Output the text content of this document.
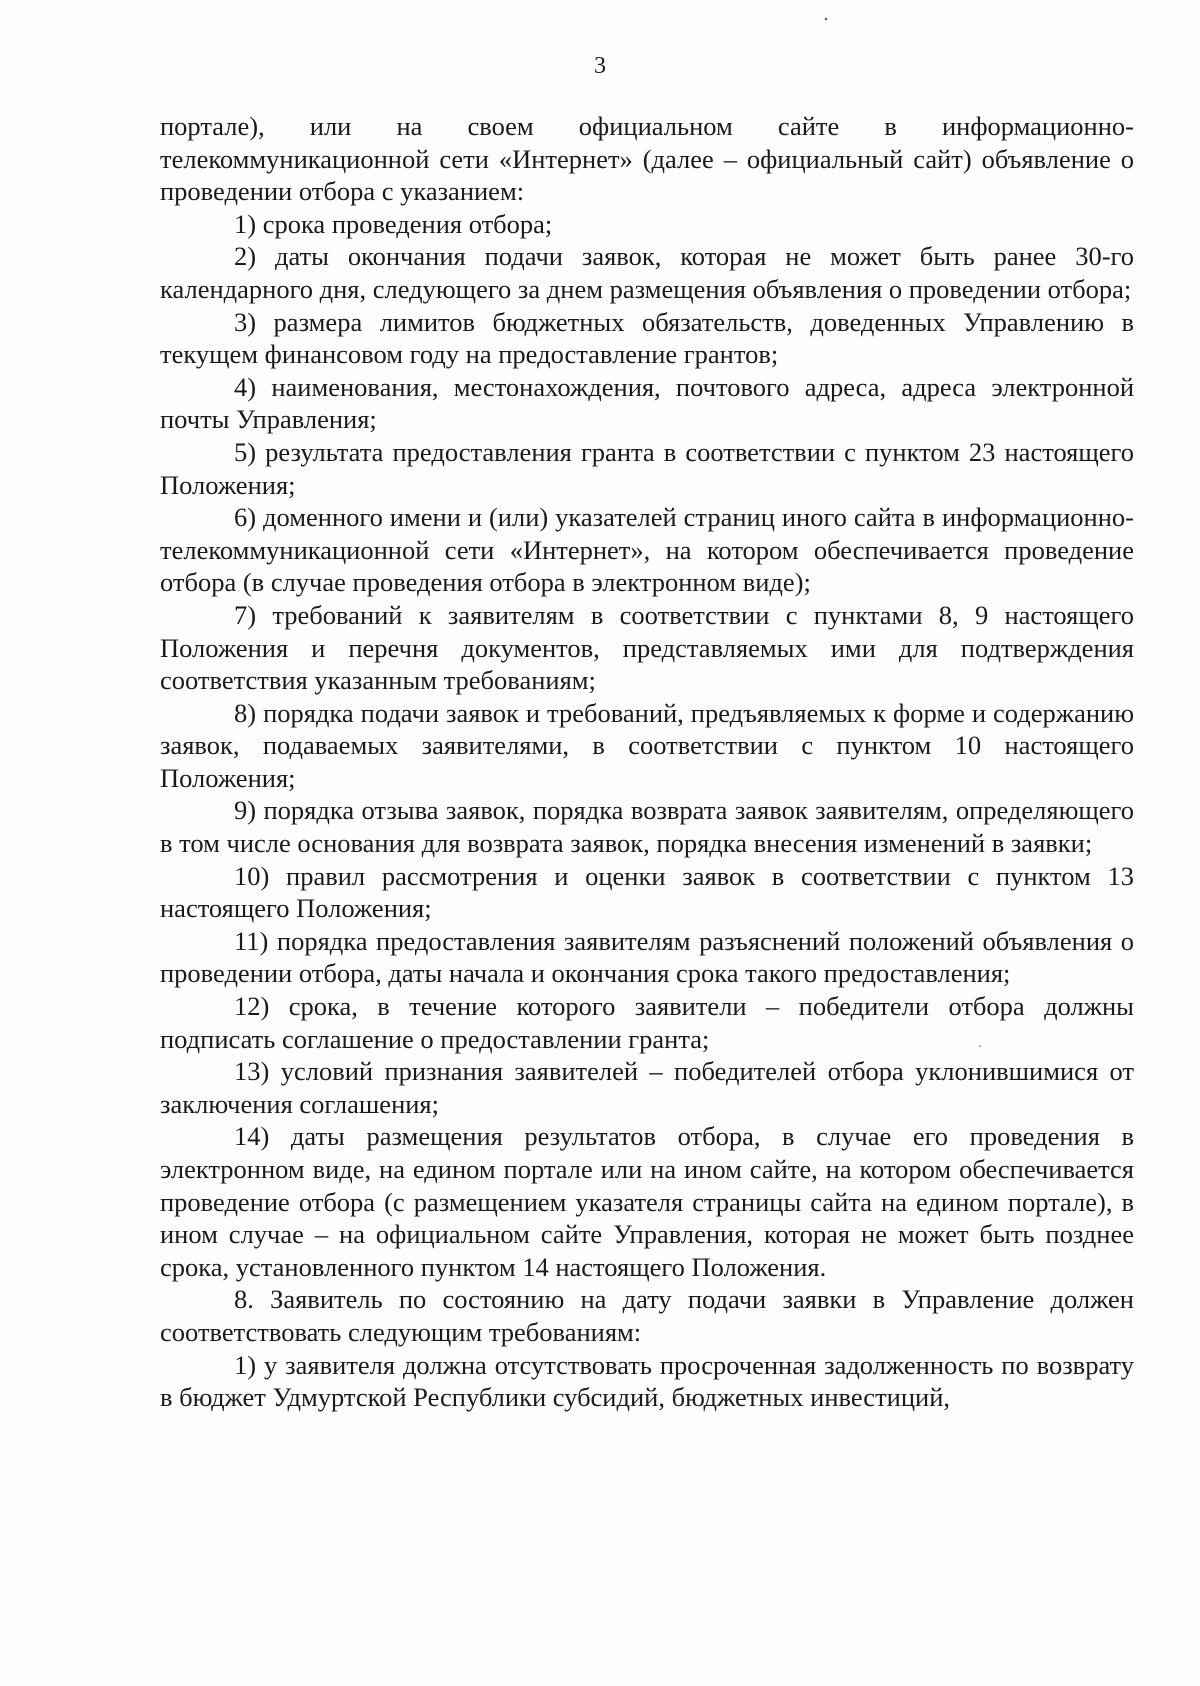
3

портале), или на своем официальном сайте в информационно-телекоммуникационной сети «Интернет» (далее – официальный сайт) объявление о проведении отбора с указанием:

1) срока проведения отбора;

2) даты окончания подачи заявок, которая не может быть ранее 30-го календарного дня, следующего за днем размещения объявления о проведении отбора;

3) размера лимитов бюджетных обязательств, доведенных Управлению в текущем финансовом году на предоставление грантов;

4) наименования, местонахождения, почтового адреса, адреса электронной почты Управления;

5) результата предоставления гранта в соответствии с пунктом 23 настоящего Положения;

6) доменного имени и (или) указателей страниц иного сайта в информационно-телекоммуникационной сети «Интернет», на котором обеспечивается проведение отбора (в случае проведения отбора в электронном виде);

7) требований к заявителям в соответствии с пунктами 8, 9 настоящего Положения и перечня документов, представляемых ими для подтверждения соответствия указанным требованиям;

8) порядка подачи заявок и требований, предъявляемых к форме и содержанию заявок, подаваемых заявителями, в соответствии с пунктом 10 настоящего Положения;

9) порядка отзыва заявок, порядка возврата заявок заявителям, определяющего в том числе основания для возврата заявок, порядка внесения изменений в заявки;

10) правил рассмотрения и оценки заявок в соответствии с пунктом 13 настоящего Положения;

11) порядка предоставления заявителям разъяснений положений объявления о проведении отбора, даты начала и окончания срока такого предоставления;

12) срока, в течение которого заявители – победители отбора должны подписать соглашение о предоставлении гранта;

13) условий признания заявителей – победителей отбора уклонившимися от заключения соглашения;

14) даты размещения результатов отбора, в случае его проведения в электронном виде, на едином портале или на ином сайте, на котором обеспечивается проведение отбора (с размещением указателя страницы сайта на едином портале), в ином случае – на официальном сайте Управления, которая не может быть позднее срока, установленного пунктом 14 настоящего Положения.

8. Заявитель по состоянию на дату подачи заявки в Управление должен соответствовать следующим требованиям:

1) у заявителя должна отсутствовать просроченная задолженность по возврату в бюджет Удмуртской Республики субсидий, бюджетных инвестиций,
